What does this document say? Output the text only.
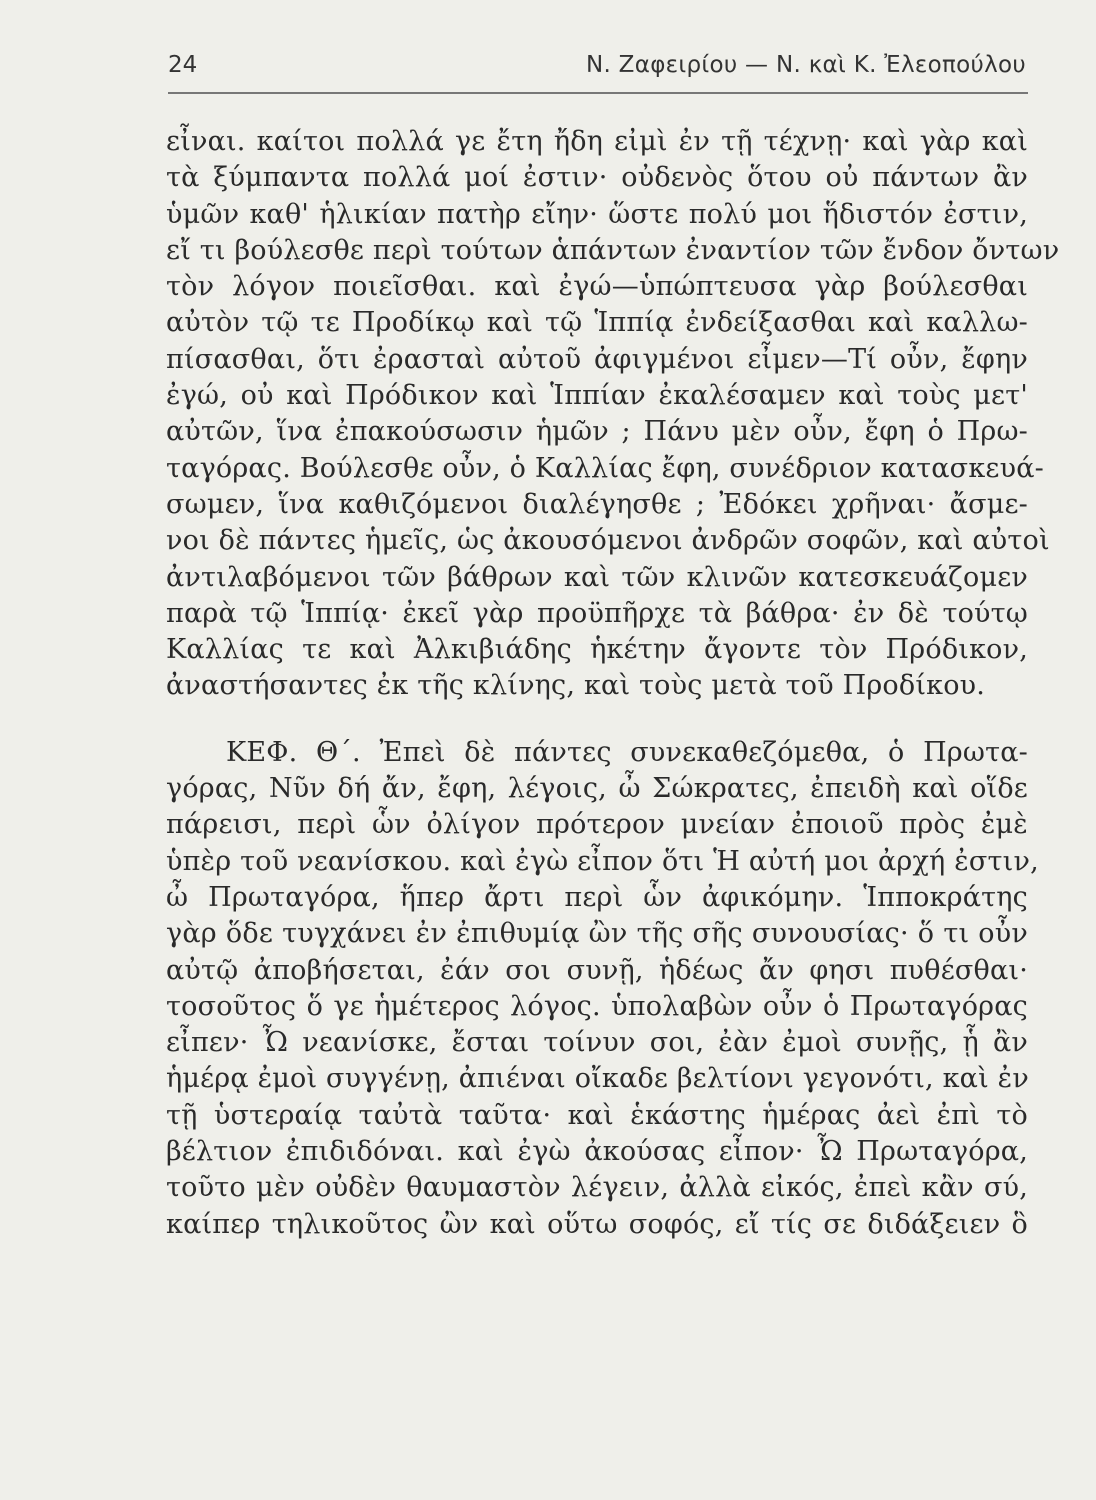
24	Ν. Ζαφειρίου — Ν. καὶ Κ. Ἐλεοπούλου
εἶναι. καίτοι πολλά γε ἔτη ἤδη εἰμὶ ἐν τῇ τέχνῃ· καὶ γὰρ καὶ
τὰ ξύμπαντα πολλά μοί ἐστιν· οὐδενὸς ὅτου οὐ πάντων ἂν
ὑμῶν καθ' ἡλικίαν πατὴρ εἴην· ὥστε πολύ μοι ἥδιστόν ἐστιν,
εἴ τι βούλεσθε περὶ τούτων ἁπάντων ἐναντίον τῶν ἔνδον ὄντων
τὸν λόγον ποιεῖσθαι. καὶ ἐγώ—ὑπώπτευσα γὰρ βούλεσθαι
αὐτὸν τῷ τε Προδίκῳ καὶ τῷ Ἱππίᾳ ἐνδείξασθαι καὶ καλλω-
πίσασθαι, ὅτι ἐρασταὶ αὐτοῦ ἀφιγμένοι εἶμεν—Τί οὖν, ἔφην
ἐγώ, οὐ καὶ Πρόδικον καὶ Ἱππίαν ἐκαλέσαμεν καὶ τοὺς μετ'
αὐτῶν, ἵνα ἐπακούσωσιν ἡμῶν ; Πάνυ μὲν οὖν, ἔφη ὁ Πρω-
ταγόρας. Βούλεσθε οὖν, ὁ Καλλίας ἔφη, συνέδριον κατασκευά-
σωμεν, ἵνα καθιζόμενοι διαλέγησθε ; Ἐδόκει χρῆναι· ἄσμε-
νοι δὲ πάντες ἡμεῖς, ὡς ἀκουσόμενοι ἀνδρῶν σοφῶν, καὶ αὐτοὶ
ἀντιλαβόμενοι τῶν βάθρων καὶ τῶν κλινῶν κατεσκευάζομεν
παρὰ τῷ Ἱππίᾳ· ἐκεῖ γὰρ προϋπῆρχε τὰ βάθρα· ἐν δὲ τούτῳ
Καλλίας τε καὶ Ἀλκιβιάδης ἡκέτην ἄγοντε τὸν Πρόδικον,
ἀναστήσαντες ἐκ τῆς κλίνης, καὶ τοὺς μετὰ τοῦ Προδίκου.
ΚΕΦ. Θ΄. Ἐπεὶ δὲ πάντες συνεκαθεζόμεθα, ὁ Πρωτα-
γόρας, Νῦν δή ἄν, ἔφη, λέγοις, ὦ Σώκρατες, ἐπειδὴ καὶ οἵδε
πάρεισι, περὶ ὧν ὀλίγον πρότερον μνείαν ἐποιοῦ πρὸς ἐμὲ
ὑπὲρ τοῦ νεανίσκου. καὶ ἐγὼ εἶπον ὅτι Ἡ αὐτή μοι ἀρχή ἐστιν,
ὦ Πρωταγόρα, ἥπερ ἄρτι περὶ ὧν ἀφικόμην. Ἱπποκράτης
γὰρ ὅδε τυγχάνει ἐν ἐπιθυμίᾳ ὢν τῆς σῆς συνουσίας· ὅ τι οὖν
αὐτῷ ἀποβήσεται, ἐάν σοι συνῇ, ἡδέως ἄν φησι πυθέσθαι·
τοσοῦτος ὅ γε ἡμέτερος λόγος. ὑπολαβὼν οὖν ὁ Πρωταγόρας
εἶπεν· Ὦ νεανίσκε, ἔσται τοίνυν σοι, ἐὰν ἐμοὶ συνῇς, ᾗ ἂν
ἡμέρᾳ ἐμοὶ συγγένῃ, ἀπιέναι οἴκαδε βελτίονι γεγονότι, καὶ ἐν
τῇ ὑστεραίᾳ ταὐτὰ ταῦτα· καὶ ἑκάστης ἡμέρας ἀεὶ ἐπὶ τὸ
βέλτιον ἐπιδιδόναι. καὶ ἐγὼ ἀκούσας εἶπον· Ὦ Πρωταγόρα,
τοῦτο μὲν οὐδὲν θαυμαστὸν λέγειν, ἀλλὰ εἰκός, ἐπεὶ κἂν σύ,
καίπερ τηλικοῦτος ὢν καὶ οὕτω σοφός, εἴ τίς σε διδάξειεν ὃ
